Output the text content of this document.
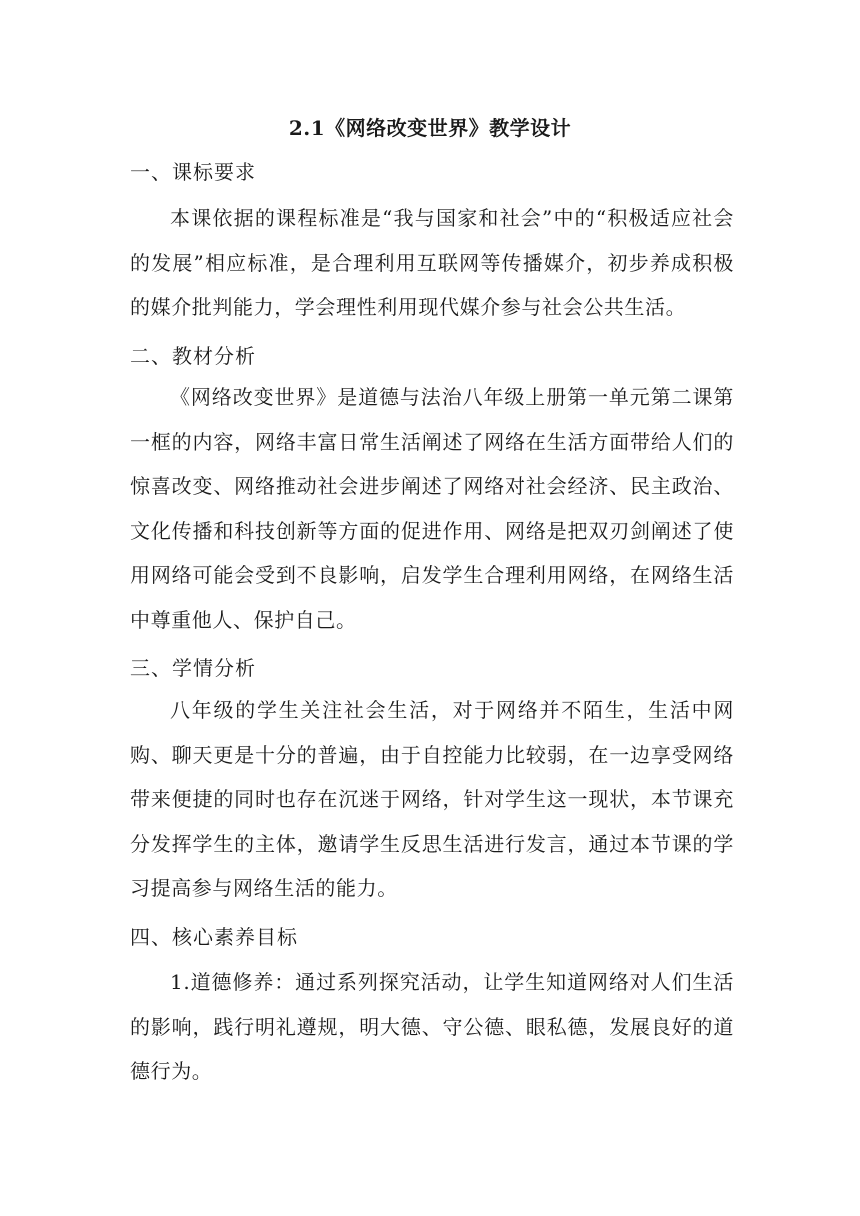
2.1《网络改变世界》教学设计
一、课标要求

本课依据的课程标准是“我与国家和社会”中的“积极适应社会的发展”相应标准，是合理利用互联网等传播媒介，初步养成积极的媒介批判能力，学会理性利用现代媒介参与社会公共生活。

二、教材分析

《网络改变世界》是道德与法治八年级上册第一单元第二课第一框的内容，网络丰富日常生活阐述了网络在生活方面带给人们的惊喜改变、网络推动社会进步阐述了网络对社会经济、民主政治、文化传播和科技创新等方面的促进作用、网络是把双刃剑阐述了使用网络可能会受到不良影响，启发学生合理利用网络，在网络生活中尊重他人、保护自己。

三、学情分析

八年级的学生关注社会生活，对于网络并不陌生，生活中网购、聊天更是十分的普遍，由于自控能力比较弱，在一边享受网络带来便捷的同时也存在沉迷于网络，针对学生这一现状，本节课充分发挥学生的主体，邀请学生反思生活进行发言，通过本节课的学习提高参与网络生活的能力。

四、核心素养目标

1.道德修养：通过系列探究活动，让学生知道网络对人们生活的影响，践行明礼遵规，明大德、守公德、眼私德，发展良好的道德行为。
